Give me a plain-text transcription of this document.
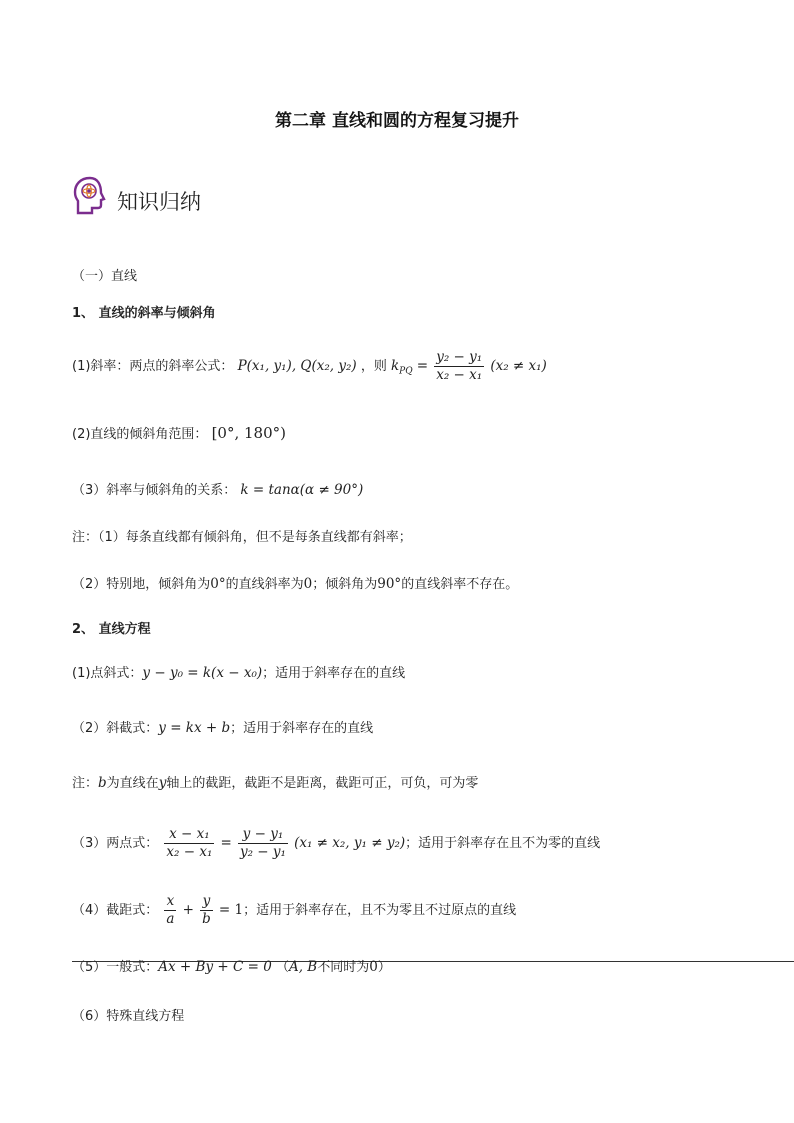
第二章 直线和圆的方程复习提升
知识归纳
（一）直线
1、 直线的斜率与倾斜角
(1)斜率：两点的斜率公式： P(x₁, y₁), Q(x₂, y₂) ，则 $k_{PQ} = \frac{\text{y₂ − y₁}}{\text{x₂ − x₁}} (x_2 \ne x_1)$
(2)直线的倾斜角范围： [0°, 180°)
（3）斜率与倾斜角的关系： k = tanα(α ≠ 90°)
注：（1）每条直线都有倾斜角，但不是每条直线都有斜率；
（2）特别地，倾斜角为0°的直线斜率为0；倾斜角为90°的直线斜率不存在。
2、 直线方程
(1)点斜式：y − y₀ = k(x − x₀)；适用于斜率存在的直线
（2）斜截式：y = kx + b；适用于斜率存在的直线
注：b为直线在y轴上的截距，截距不是距离，截距可正，可负，可为零
（3）两点式： $\frac{\text{x − x₁}}{\text{x₂ − x₁}} = \frac{\text{y − y₁}}{\text{y₂ − y₁}} (x_1 \ne x_2$, y₁ ≠ y₂)；适用于斜率存在且不为零的直线
（4）截距式： $\frac{x}{a} + \frac{y}{b} = 1$；适用于斜率存在，且不为零且不过原点的直线
（5）一般式：Ax + By + C = 0 （A, B不同时为0）
（6）特殊直线方程
